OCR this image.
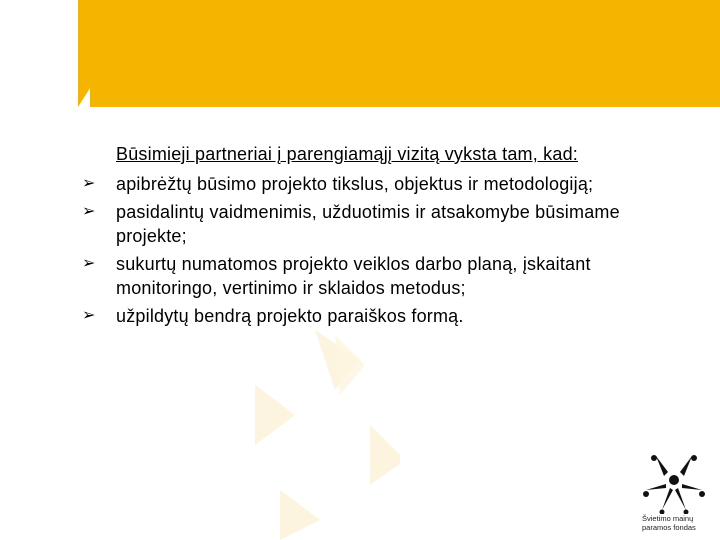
Būsimieji partneriai į parengiamąjį vizitą vyksta tam, kad:

➢ apibrėžtų būsimo projekto tikslus, objektus ir metodologiją;
➢ pasidalintų vaidmenimis, užduotimis ir atsakomybe būsimame projekte;
➢ sukurtų numatomos projekto veiklos darbo planą, įskaitant monitoringo, vertinimo ir sklaidos metodus;
➢ užpildytų bendrą projekto paraiškos formą.
Švietimo mainų
paramos fondas
